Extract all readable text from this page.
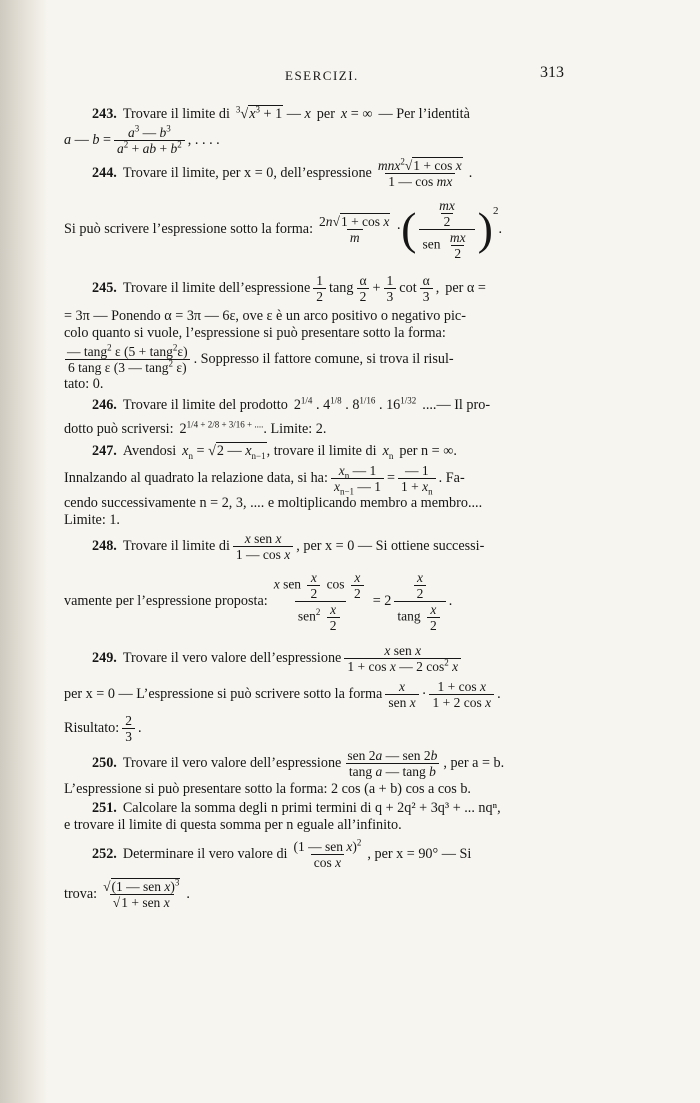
ESERCIZI.	313
243. Trovare il limite di $^3√x^3 + 1$ — x per x = ∞ — Per l’identità
a — $b = \frac{a^3 — b^3}{a^2 + ab + b^2}$ , . . . .
244. Trovare il limite, per x = 0, dell’espressione $\frac{mnx^2√1 + \cos x}{\text{1 — cos mx}}$ .
Si può scrivere l’espressione sotto la forma: $\frac{\text{2n√1 + cos x}}{m}$ · ( $\frac{\frac{mx}{2}}{sen \frac{mx}{2}} )^2$
.
245. Trovare il limite dell’espressione $\frac{1}{2}$ tang $\frac{\alpha}{2} + \frac{1}{3}$ $\cot \frac{\alpha}{3}$ , per α =
= 3π — Ponendo α = 3π — 6ε, ove ε è un arco positivo o negativo pic-
colo quanto si vuole, l’espressione si può presentare sotto la forma:
$\frac{— \tan g^2 \varepsilon (5 + \tan g^2\varepsilon)}{6 \tan g \varepsilon (3 — \tan g^2 \varepsilon)}$ . Soppresso il fattore comune, si trova il risul-
tato: 0.
246. Trovare il limite del prodotto $2^{1/4}$ . $4^{1/8}$ . $8^{1/16}$ . $16^{1/32}$ ....— Il pro-
dotto può scriversi: $2^{1/4 + 2/8 + 3/16 + ....}$ . Limite: 2.
247. Avendosi $x_n = √2$ — $x_{n-1}$ , trovare il limite di $x_n$ per n = ∞.
Innalzando al quadrato la relazione data, si ha: $\frac{x_n — 1}{x_{n-1} — 1} = \frac{— 1}{1 + x_n}$ . Fa-
cendo successivamente n = 2, 3, .... e moltiplicando membro a membro....
Limite: 1.
248. Trovare il limite di $\frac{\text{x sen x}}{\text{1 — cos x}}$ , per x = 0 — Si ottiene successi-
vamente per l’espressione proposta: $\frac{x sen \frac{x}{2} \cos \frac{x}{2}}{sen^2 \frac{x}{2}} = 2 \frac{\frac{x}{2}}{\tan g \frac{x}{2}}$ .
249. Trovare il vero valore dell’espressione $\frac{\text{x sen x}}{1 + \cos x — 2 \cos^2 x}$
per x = 0 — L’espressione si può scrivere sotto la forma $\frac{x}{\text{sen x}} \cdot \frac{\text{1 + cos x}}{\text{1 + 2 cos x}}$ .
Risultato: $\frac{2}{3}$ .
250. Trovare il vero valore dell’espressione $\frac{\text{sen 2a — sen 2b}}{\text{tang a — tang b}}$ , per a = b.
L’espressione si può presentare sotto la forma: 2 cos (a + b) cos a cos b.
251. Calcolare la somma degli n primi termini di q + 2q² + 3q³ + ... nqⁿ,
e trovare il limite di questa somma per n eguale all’infinito.
252. Determinare il vero valore di $\frac{(1 — sen x)^2}{\text{cos x}}$ , per x = 90° — Si
trova: $\frac{√(1 — sen x)^3}{\text{√1 + sen x}}$ .
